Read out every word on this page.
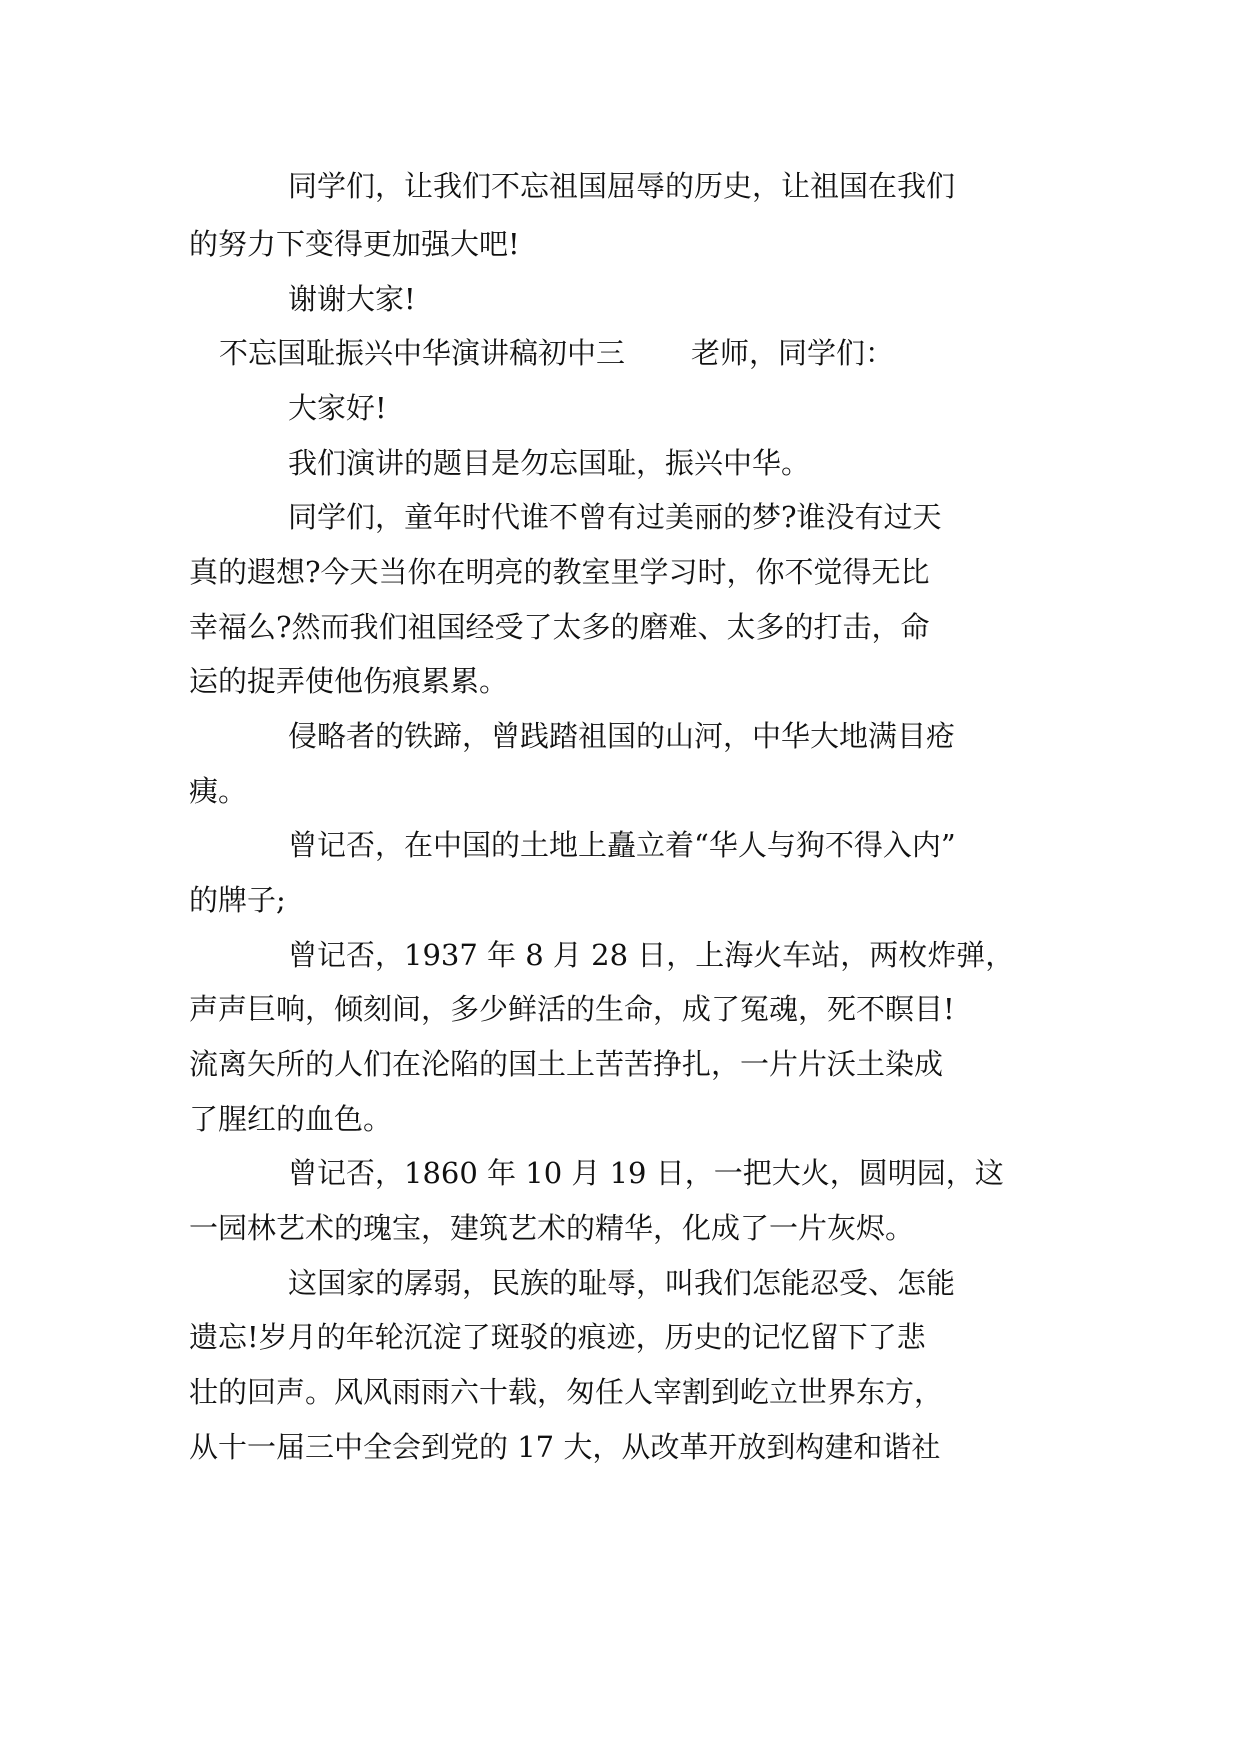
同学们，让我们不忘祖国屈辱的历史，让祖国在我们
的努力下变得更加强大吧!
谢谢大家!
不忘国耻振兴中华演讲稿初中三 老师，同学们：
大家好!
我们演讲的题目是勿忘国耻，振兴中华。
同学们，童年时代谁不曾有过美丽的梦?谁没有过天
真的遐想?今天当你在明亮的教室里学习时，你不觉得无比
幸福么?然而我们祖国经受了太多的磨难、太多的打击，命
运的捉弄使他伤痕累累。
侵略者的铁蹄，曾践踏祖国的山河，中华大地满目疮
痍。
曾记否，在中国的土地上矗立着“华人与狗不得入内”
的牌子;
曾记否，1937 年 8 月 28 日，上海火车站，两枚炸弹，
声声巨响，倾刻间，多少鲜活的生命，成了冤魂，死不瞑目!
流离矢所的人们在沦陷的国土上苦苦挣扎，一片片沃土染成
了腥红的血色。
曾记否，1860 年 10 月 19 日，一把大火，圆明园，这
一园林艺术的瑰宝，建筑艺术的精华，化成了一片灰烬。
这国家的孱弱，民族的耻辱，叫我们怎能忍受、怎能
遗忘!岁月的年轮沉淀了斑驳的痕迹，历史的记忆留下了悲
壮的回声。风风雨雨六十载，匆任人宰割到屹立世界东方，
从十一届三中全会到党的 17 大，从改革开放到构建和谐社
